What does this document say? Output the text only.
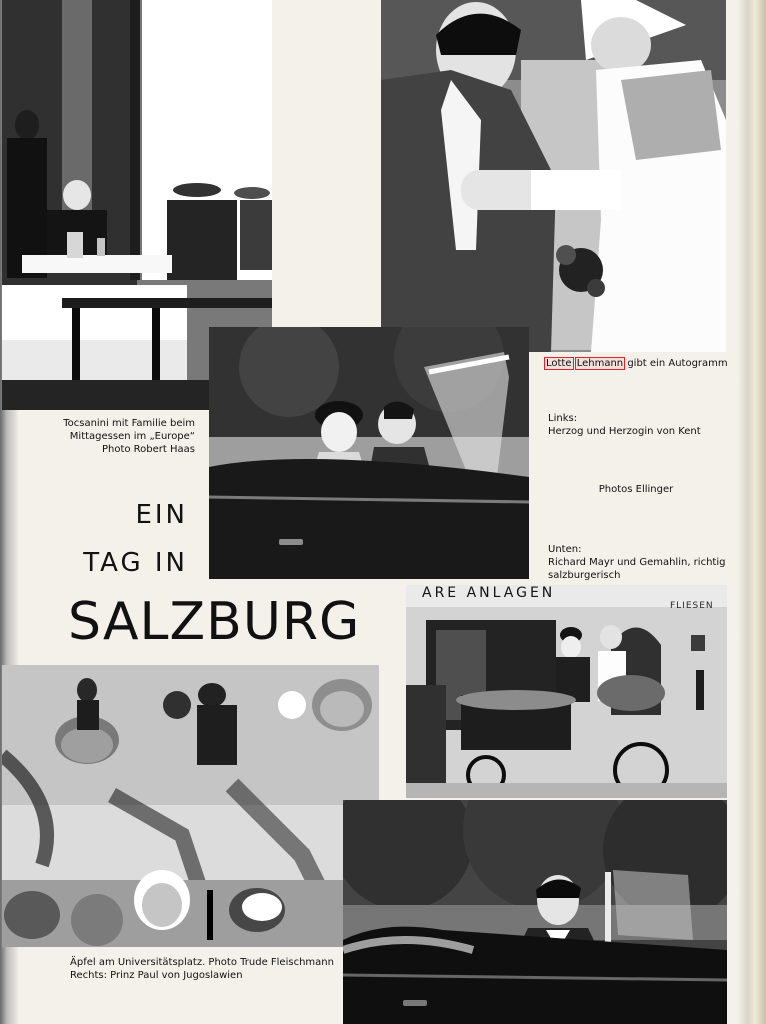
ARE ANLAGEN
FLIESEN
Tocsanini mit Familie beim
Mittagessen im „Europe“
Photo Robert Haas
Lotte Lehmann gibt ein Autogramm
Links:
Herzog und Herzogin von Kent
Photos Ellinger
Unten:
Richard Mayr und Gemahlin, richtig
salzburgerisch
Äpfel am Universitätsplatz. Photo Trude Fleischmann
Rechts: Prinz Paul von Jugoslawien
EIN
TAG IN
SALZBURG
